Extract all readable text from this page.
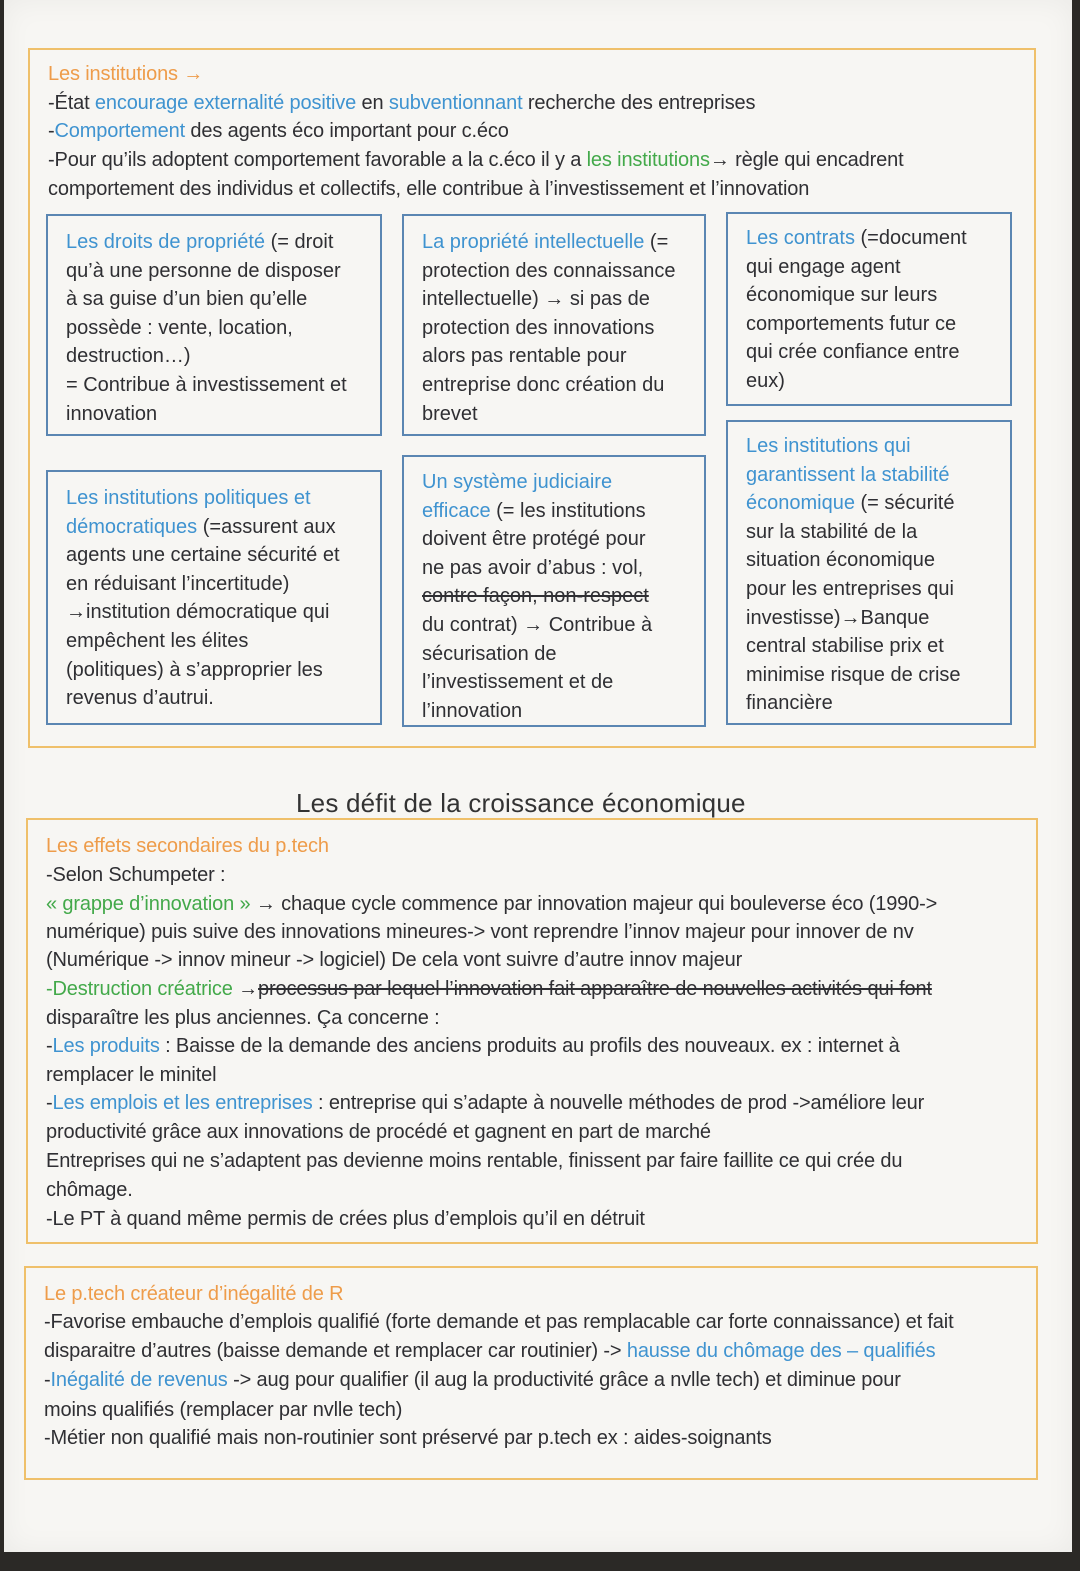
Les institutions →
-État encourage externalité positive en subventionnant recherche des entreprises
-Comportement des agents éco important pour c.éco
-Pour qu’ils adoptent comportement favorable a la c.éco il y a les institutions→ règle qui encadrent
comportement des individus et collectifs, elle contribue à l’investissement et l’innovation
Les droits de propriété (= droit
qu’à une personne de disposer
à sa guise d’un bien qu’elle
possède : vente, location,
destruction…)
= Contribue à investissement et
innovation
La propriété intellectuelle (=
protection des connaissance
intellectuelle) → si pas de
protection des innovations
alors pas rentable pour
entreprise donc création du
brevet
Les contrats (=document
qui engage agent
économique sur leurs
comportements futur ce
qui crée confiance entre
eux)
Les institutions politiques et
démocratiques (=assurent aux
agents une certaine sécurité et
en réduisant l’incertitude)
→institution démocratique qui
empêchent les élites
(politiques) à s’approprier les
revenus d’autrui.
Un système judiciaire
efficace (= les institutions
doivent être protégé pour
ne pas avoir d’abus : vol,
contre façon, non-respect
du contrat) → Contribue à
sécurisation de
l’investissement et de
l’innovation
Les institutions qui
garantissent la stabilité
économique (= sécurité
sur la stabilité de la
situation économique
pour les entreprises qui
investisse)→Banque
central stabilise prix et
minimise risque de crise
financière
Les défit de la croissance économique
Les effets secondaires du p.tech
-Selon Schumpeter :
« grappe d’innovation » → chaque cycle commence par innovation majeur qui bouleverse éco (1990->
numérique) puis suive des innovations mineures-> vont reprendre l’innov majeur pour innover de nv
(Numérique -> innov mineur -> logiciel) De cela vont suivre d’autre innov majeur
-Destruction créatrice →processus par lequel l’innovation fait apparaître de nouvelles activités qui font
disparaître les plus anciennes. Ça concerne :
-Les produits : Baisse de la demande des anciens produits au profils des nouveaux. ex : internet à
remplacer le minitel
-Les emplois et les entreprises : entreprise qui s’adapte à nouvelle méthodes de prod ->améliore leur
productivité grâce aux innovations de procédé et gagnent en part de marché
Entreprises qui ne s’adaptent pas devienne moins rentable, finissent par faire faillite ce qui crée du
chômage.
-Le PT à quand même permis de crées plus d’emplois qu’il en détruit
Le p.tech créateur d’inégalité de R
-Favorise embauche d’emplois qualifié (forte demande et pas remplacable car forte connaissance) et fait
disparaitre d’autres (baisse demande et remplacer car routinier) -> hausse du chômage des – qualifiés
-Inégalité de revenus -> aug pour qualifier (il aug la productivité grâce a nvlle tech) et diminue pour
moins qualifiés (remplacer par nvlle tech)
-Métier non qualifié mais non-routinier sont préservé par p.tech ex : aides-soignants
